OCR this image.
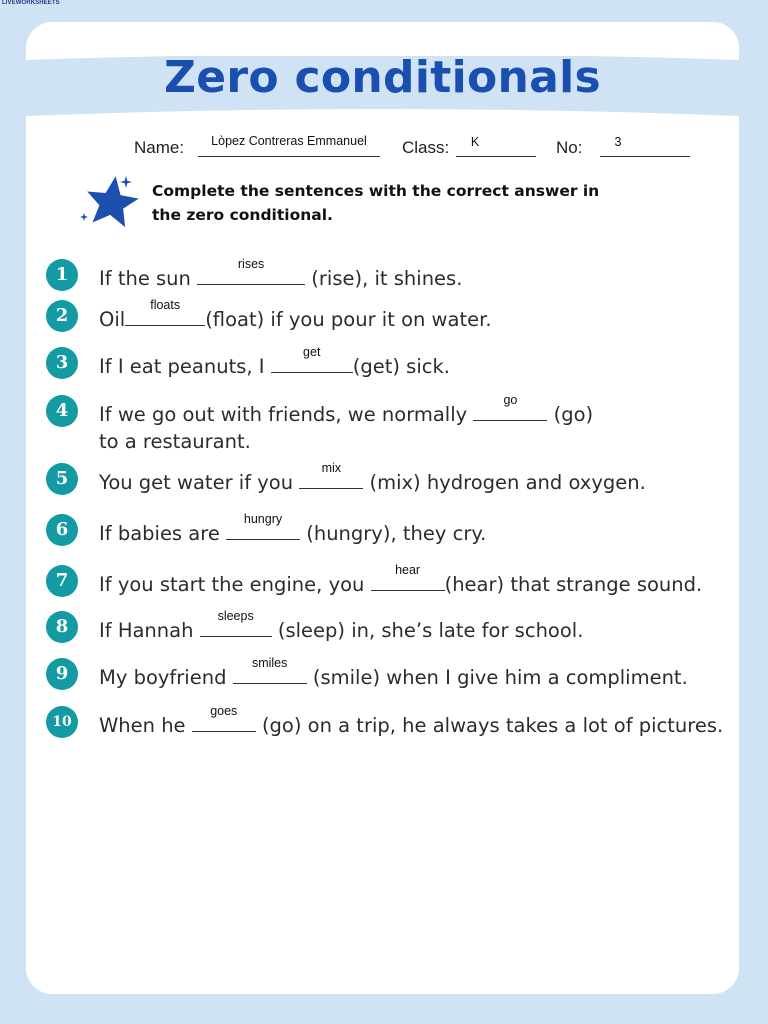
LIVEWORKSHEETS
Zero conditionals
Name:	Lòpez Contreras Emmanuel	Class:	K	No:	3
Complete the sentences with the correct answer in the zero conditional.
1	If the sun
rises
(rise), it shines.
2	Oil
floats
(float) if you pour it on water.
3	If I eat peanuts, I
get
(get) sick.
4	If we go out with friends, we normally
go
(go)
to a restaurant.
5	You get water if you
mix
(mix) hydrogen and oxygen.
6	If babies are
hungry
(hungry), they cry.
7	If you start the engine, you
hear
(hear) that strange sound.
8	If Hannah
sleeps
(sleep) in, she’s late for school.
9	My boyfriend
smiles
(smile) when I give him a compliment.
10	When he
goes
(go) on a trip, he always takes a lot of pictures.
